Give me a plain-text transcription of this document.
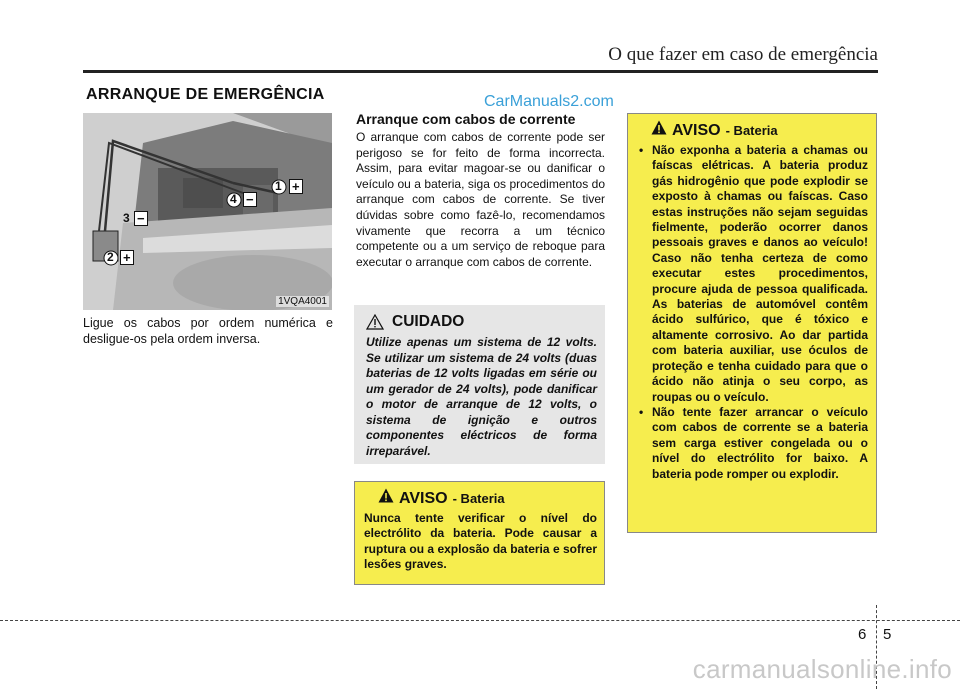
O que fazer em caso de emergência
ARRANQUE DE EMERGÊNCIA	CarManuals2.com
1 +
4 −
3 −
2 +
1VQA4001
Ligue os cabos por ordem numérica e desligue-os pela ordem inversa.
Arranque com cabos de corrente
O arranque com cabos de corrente pode ser perigoso se for feito de forma incorrecta. Assim, para evitar magoar-se ou danificar o veículo ou a bateria, siga os procedimentos do arranque com cabos de corrente. Se tiver dúvidas sobre como fazê-lo, recomendamos vivamente que recorra a um técnico competente ou a um serviço de reboque para executar o arranque com cabos de corrente.
CUIDADO
Utilize apenas um sistema de 12 volts. Se utilizar um sistema de 24 volts (duas baterias de 12 volts ligadas em série ou um gerador de 24 volts), pode danificar o motor de arranque de 12 volts, o sistema de ignição e outros componentes eléctricos de forma irreparável.
AVISO - Bateria
Nunca tente verificar o nível do electrólito da bateria. Pode causar a ruptura ou a explosão da bateria e sofrer lesões graves.
AVISO - Bateria
• Não exponha a bateria a chamas ou faíscas elétricas. A bateria produz gás hidrogênio que pode explodir se exposto à chamas ou faíscas. Caso estas instruções não sejam seguidas fielmente, poderão ocorrer danos pessoais graves e danos ao veículo! Caso não tenha certeza de como executar estes procedimentos, procure ajuda de pessoa qualificada. As baterias de automóvel contêm ácido sulfúrico, que é tóxico e altamente corrosivo. Ao dar partida com bateria auxiliar, use óculos de proteção e tenha cuidado para que o ácido não atinja o seu corpo, as roupas ou o veículo.
• Não tente fazer arrancar o veículo com cabos de corrente se a bateria sem carga estiver congelada ou o nível do electrólito for baixo. A bateria pode romper ou explodir.
6 5
carmanualsonline.info
